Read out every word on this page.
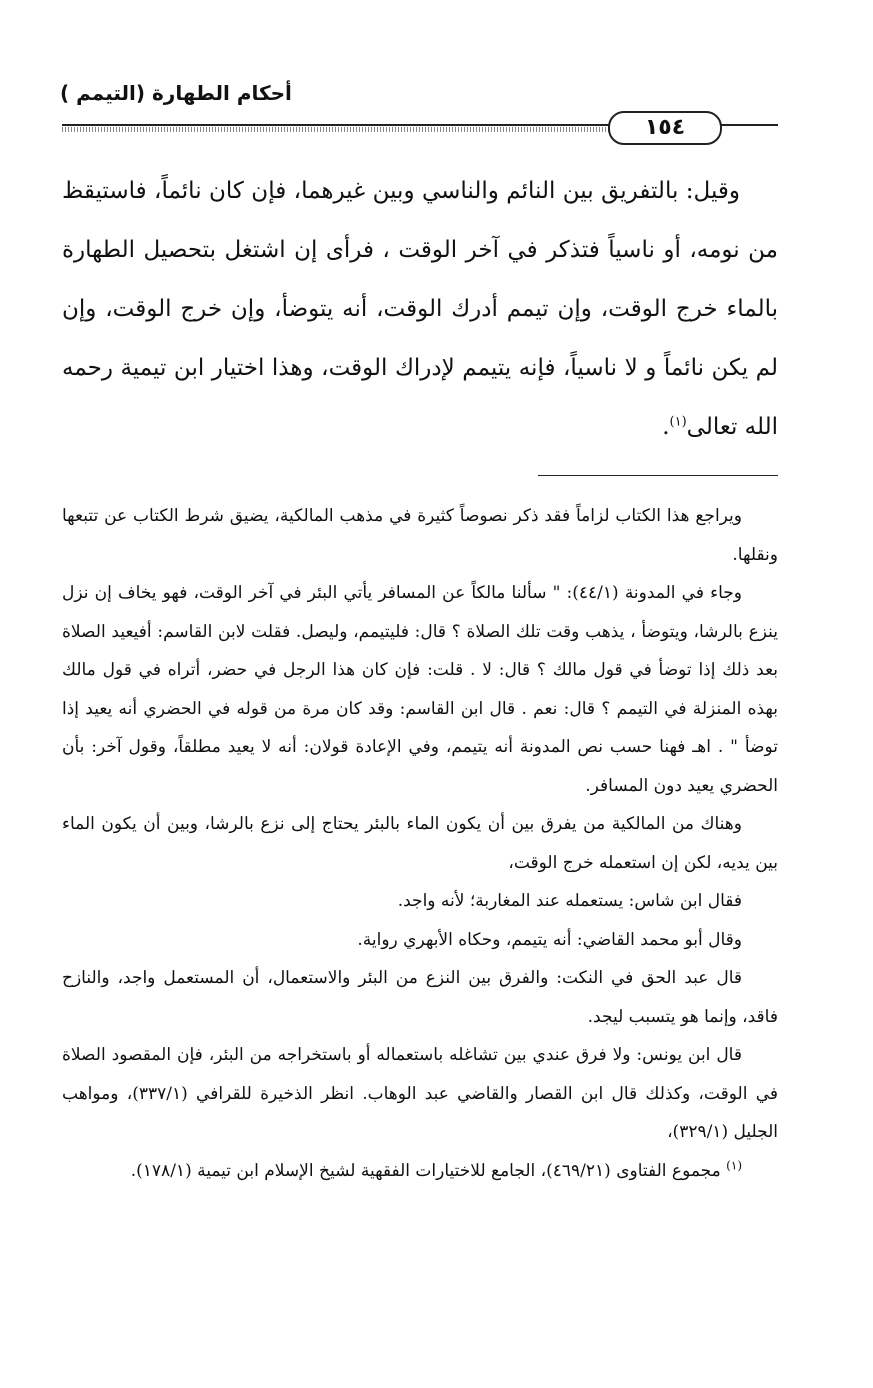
أحكام الطهارة (التيمم )
١٥٤

وقيل: بالتفريق بين النائم والناسي وبين غيرهما، فإن كان نائماً، فاستيقظ من نومه، أو ناسياً فتذكر في آخر الوقت ، فرأى إن اشتغل بتحصيل الطهارة بالماء خرج الوقت، وإن تيمم أدرك الوقت، أنه يتوضأ، وإن خرج الوقت، وإن لم يكن نائماً و لا ناسياً، فإنه يتيمم لإدراك الوقت، وهذا اختيار ابن تيمية رحمه الله تعالى$^{(١)}$.

ويراجع هذا الكتاب لزاماً فقد ذكر نصوصاً كثيرة في مذهب المالكية، يضيق شرط الكتاب عن تتبعها ونقلها.

وجاء في المدونة (٤٤/١): " سألنا مالكاً عن المسافر يأتي البئر في آخر الوقت، فهو يخاف إن نزل ينزع بالرشا، ويتوضأ ، يذهب وقت تلك الصلاة ؟ قال: فليتيمم، وليصل. فقلت لابن القاسم: أفيعيد الصلاة بعد ذلك إذا توضأ في قول مالك ؟ قال: لا . قلت: فإن كان هذا الرجل في حضر، أتراه في قول مالك بهذه المنزلة في التيمم ؟ قال: نعم . قال ابن القاسم: وقد كان مرة من قوله في الحضري أنه يعيد إذا توضأ " . اهـ فهنا حسب نص المدونة أنه يتيمم، وفي الإعادة قولان: أنه لا يعيد مطلقاً، وقول آخر: بأن الحضري يعيد دون المسافر.

وهناك من المالكية من يفرق بين أن يكون الماء بالبئر يحتاج إلى نزع بالرشا، وبين أن يكون الماء بين يديه، لكن إن استعمله خرج الوقت،

فقال ابن شاس: يستعمله عند المغاربة؛ لأنه واجد.

وقال أبو محمد القاضي: أنه يتيمم، وحكاه الأبهري رواية.

قال عبد الحق في النكت: والفرق بين النزع من البئر والاستعمال، أن المستعمل واجد، والنازح فاقد، وإنما هو يتسبب ليجد.

قال ابن يونس: ولا فرق عندي بين تشاغله باستعماله أو باستخراجه من البئر، فإن المقصود الصلاة في الوقت، وكذلك قال ابن القصار والقاضي عبد الوهاب. انظر الذخيرة للقرافي (٣٣٧/١)، ومواهب الجليل (٣٢٩/١)،

$^{(١)}$ مجموع الفتاوى (٤٦٩/٢١)، الجامع للاختيارات الفقهية لشيخ الإسلام ابن تيمية (١٧٨/١).
